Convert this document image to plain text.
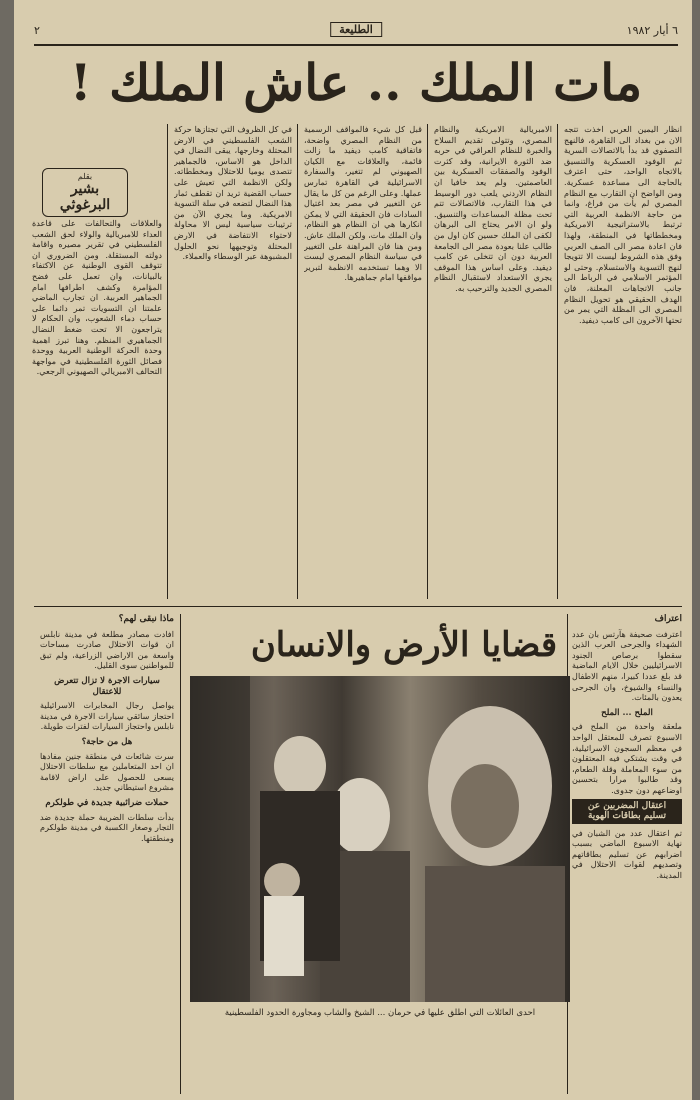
٦ أيار ١٩٨٢
الطليعة
٢
مات الملك .. عاش الملك !
انظار اليمين العربي اخذت تتجه الان من بغداد الى القاهرة، فالنهج التصفوي قد بدأ بالاتصالات السرية ثم الوفود العسكرية والتنسيق بالاتجاه الواحد، حتى اعترف بالحاجة الى مساعدة عسكرية. ومن الواضح ان التقارب مع النظام المصري لم يأت من فراغ، وانما من حاجة الانظمة العربية التي ترتبط بالاستراتيجية الامريكية ومخططاتها في المنطقة، ولهذا فان اعادة مصر الى الصف العربي وفق هذه الشروط ليست الا تتويجا لنهج التسوية والاستسلام. وحتى لو المؤتمر الاسلامي في الرباط الى جانب الاتجاهات المعلنة، فان الهدف الحقيقي هو تحويل النظام المصري الى المظلة التي يمر من تحتها الآخرون الى كامب ديفيد.
الامبريالية الامريكية والنظام المصري، وتتولى تقديم السلاح والخبرة للنظام العراقي في حربه ضد الثورة الايرانية، وقد كثرت الوفود والصفقات العسكرية بين العاصمتين. ولم يعد خافيا ان النظام الاردني يلعب دور الوسيط في هذا التقارب، فالاتصالات تتم تحت مظلة المساعدات والتنسيق. ولو ان الامر يحتاج الى البرهان لكفى ان الملك حسين كان اول من طالب علنا بعودة مصر الى الجامعة العربية دون ان تتخلى عن كامب ديفيد. وعلى اساس هذا الموقف يجري الاستعداد لاستقبال النظام المصري الجديد والترحيب به.
قبل كل شيء فالمواقف الرسمية من النظام المصري واضحة، فاتفاقية كامب ديفيد ما زالت قائمة، والعلاقات مع الكيان الصهيوني لم تتغير، والسفارة الاسرائيلية في القاهرة تمارس عملها. وعلى الرغم من كل ما يقال عن التغيير في مصر بعد اغتيال السادات فان الحقيقة التي لا يمكن انكارها هي ان النظام هو النظام، وان الملك مات، ولكن الملك عاش. ومن هنا فان المراهنة على التغيير في سياسة النظام المصري ليست الا وهما تستخدمه الانظمة لتبرير مواقفها امام جماهيرها.
في كل الظروف التي تجتازها حركة الشعب الفلسطيني في الارض المحتلة وخارجها، يبقى النضال في الداخل هو الاساس، فالجماهير تتصدى يوميا للاحتلال ومخططاته. ولكن الانظمة التي تعيش على حساب القضية تريد ان تقطف ثمار هذا النضال لتضعه في سلة التسوية الامريكية. وما يجري الآن من ترتيبات سياسية ليس الا محاولة لاحتواء الانتفاضة في الارض المحتلة وتوجيهها نحو الحلول المشبوهة عبر الوسطاء والعملاء.
بقلم
بشير البرغوثي
والعلاقات والتحالفات على قاعدة العداء للامبريالية والولاء لحق الشعب الفلسطيني في تقرير مصيره واقامة دولته المستقلة. ومن الضروري ان تتوقف القوى الوطنية عن الاكتفاء بالبيانات، وان تعمل على فضح المؤامرة وكشف اطرافها امام الجماهير العربية. ان تجارب الماضي علمتنا ان التسويات تمر دائما على حساب دماء الشعوب، وان الحكام لا يتراجعون الا تحت ضغط النضال الجماهيري المنظم. وهنا تبرز اهمية وحدة الحركة الوطنية العربية ووحدة فصائل الثورة الفلسطينية في مواجهة التحالف الامبريالي الصهيوني الرجعي.
اعتراف

اعترفت صحيفة هآرتس بان عدد الشهداء والجرحى العرب الذين سقطوا برصاص الجنود الاسرائيليين خلال الايام الماضية قد بلغ عددا كبيرا، منهم الاطفال والنساء والشيوخ، وان الجرحى يعدون بالمئات.

الملح ... الملح

ملعقة واحدة من الملح في الاسبوع تصرف للمعتقل الواحد في معظم السجون الاسرائيلية، في وقت يشتكي فيه المعتقلون من سوء المعاملة وقلة الطعام، وقد طالبوا مرارا بتحسين اوضاعهم دون جدوى.

اعتقال المضربين عن تسليم بطاقات الهوية

تم اعتقال عدد من الشبان في نهاية الاسبوع الماضي بسبب اضرابهم عن تسليم بطاقاتهم وتصديهم لقوات الاحتلال في المدينة.

قضايا الأرض والانسان
احدى العائلات التي اطلق عليها في حرمان ... الشيخ والشاب ومجاورة الحدود الفلسطينية
ماذا نبقى لهم؟

افادت مصادر مطلعة في مدينة نابلس ان قوات الاحتلال صادرت مساحات واسعة من الاراضي الزراعية، ولم تبق للمواطنين سوى القليل.

سيارات الاجرة لا تزال تتعرض للاعتقال

يواصل رجال المخابرات الاسرائيلية احتجاز سائقي سيارات الاجرة في مدينة نابلس واحتجاز السيارات لفترات طويلة.

هل من حاجة؟

سرت شائعات في منطقة جنين مفادها ان احد المتعاملين مع سلطات الاحتلال يسعى للحصول على اراض لاقامة مشروع استيطاني جديد.

حملات ضرائبية جديدة في طولكرم

بدأت سلطات الضريبة حملة جديدة ضد التجار وصغار الكسبة في مدينة طولكرم ومنطقتها.
